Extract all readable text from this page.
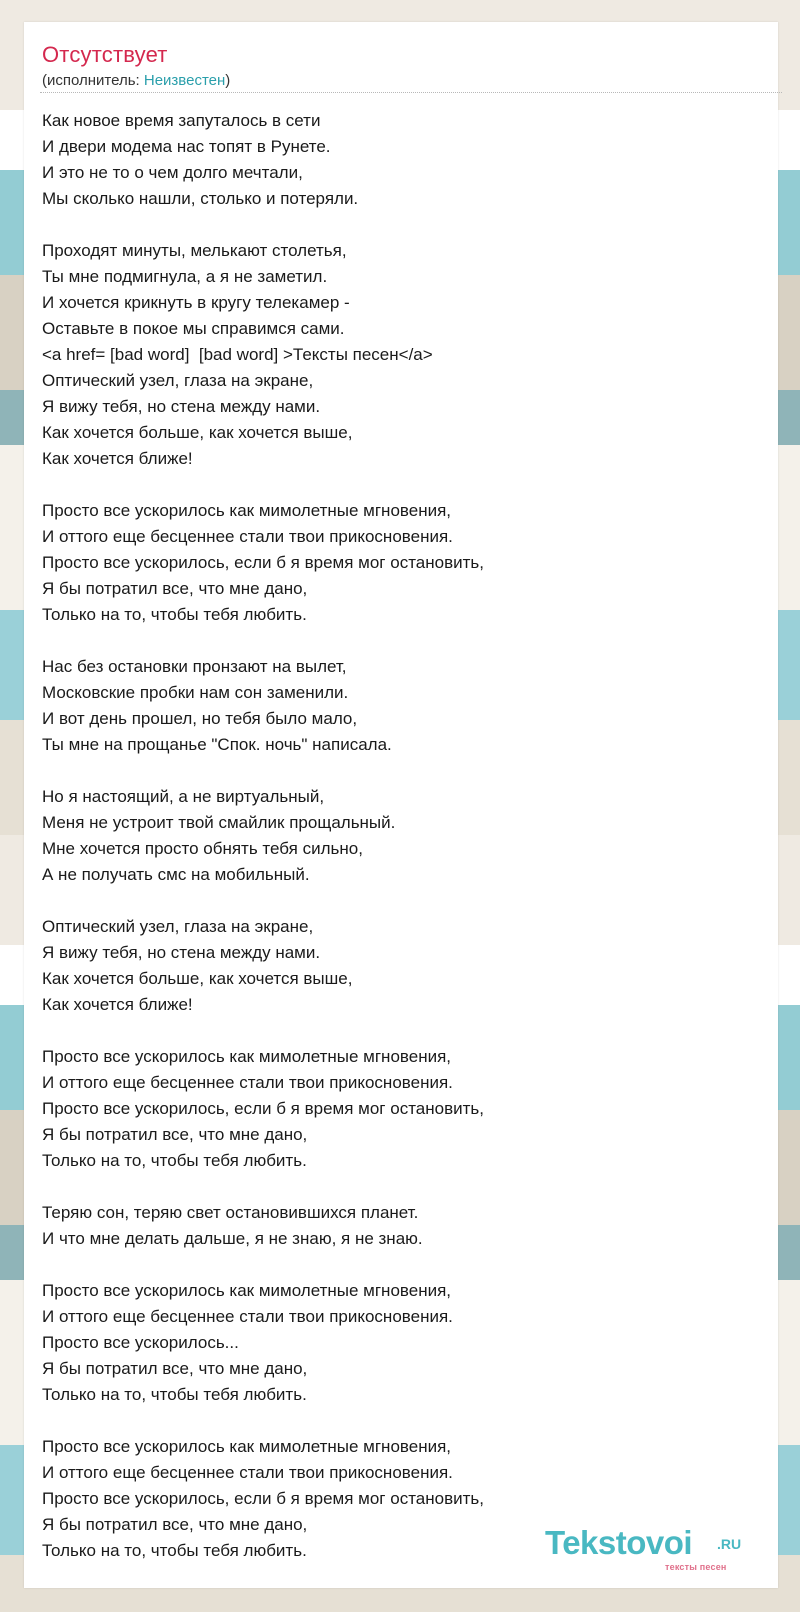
Отсутствует
(исполнитель: Неизвестен)
Как новое время запуталось в сети
И двери модема нас топят в Рунете.
И это не то о чем долго мечтали,
Мы сколько нашли, столько и потеряли.
Проходят минуты, мелькают столетья,
Ты мне подмигнула, а я не заметил.
И хочется крикнуть в кругу телекамер -
Оставьте в покое мы справимся сами.
<a href= [bad word]  [bad word] >Тексты песен</a>
Оптический узел, глаза на экране,
Я вижу тебя, но стена между нами.
Как хочется больше, как хочется выше,
Как хочется ближе!
Просто все ускорилось как мимолетные мгновения,
И оттого еще бесценнее стали твои прикосновения.
Просто все ускорилось, если б я время мог остановить,
Я бы потратил все, что мне дано,
Только на то, чтобы тебя любить.
Нас без остановки пронзают на вылет,
Московские пробки нам сон заменили.
И вот день прошел, но тебя было мало,
Ты мне на прощанье "Спок. ночь" написала.
Но я настоящий, а не виртуальный,
Меня не устроит твой смайлик прощальный.
Мне хочется просто обнять тебя сильно,
А не получать смс на мобильный.
Оптический узел, глаза на экране,
Я вижу тебя, но стена между нами.
Как хочется больше, как хочется выше,
Как хочется ближе!
Просто все ускорилось как мимолетные мгновения,
И оттого еще бесценнее стали твои прикосновения.
Просто все ускорилось, если б я время мог остановить,
Я бы потратил все, что мне дано,
Только на то, чтобы тебя любить.
Теряю сон, теряю свет остановившихся планет.
И что мне делать дальше, я не знаю, я не знаю.
Просто все ускорилось как мимолетные мгновения,
И оттого еще бесценнее стали твои прикосновения.
Просто все ускорилось...
Я бы потратил все, что мне дано,
Только на то, чтобы тебя любить.
Просто все ускорилось как мимолетные мгновения,
И оттого еще бесценнее стали твои прикосновения.
Просто все ускорилось, если б я время мог остановить,
Я бы потратил все, что мне дано,
Только на то, чтобы тебя любить.	Tekstovoi .RU
тексты песен
